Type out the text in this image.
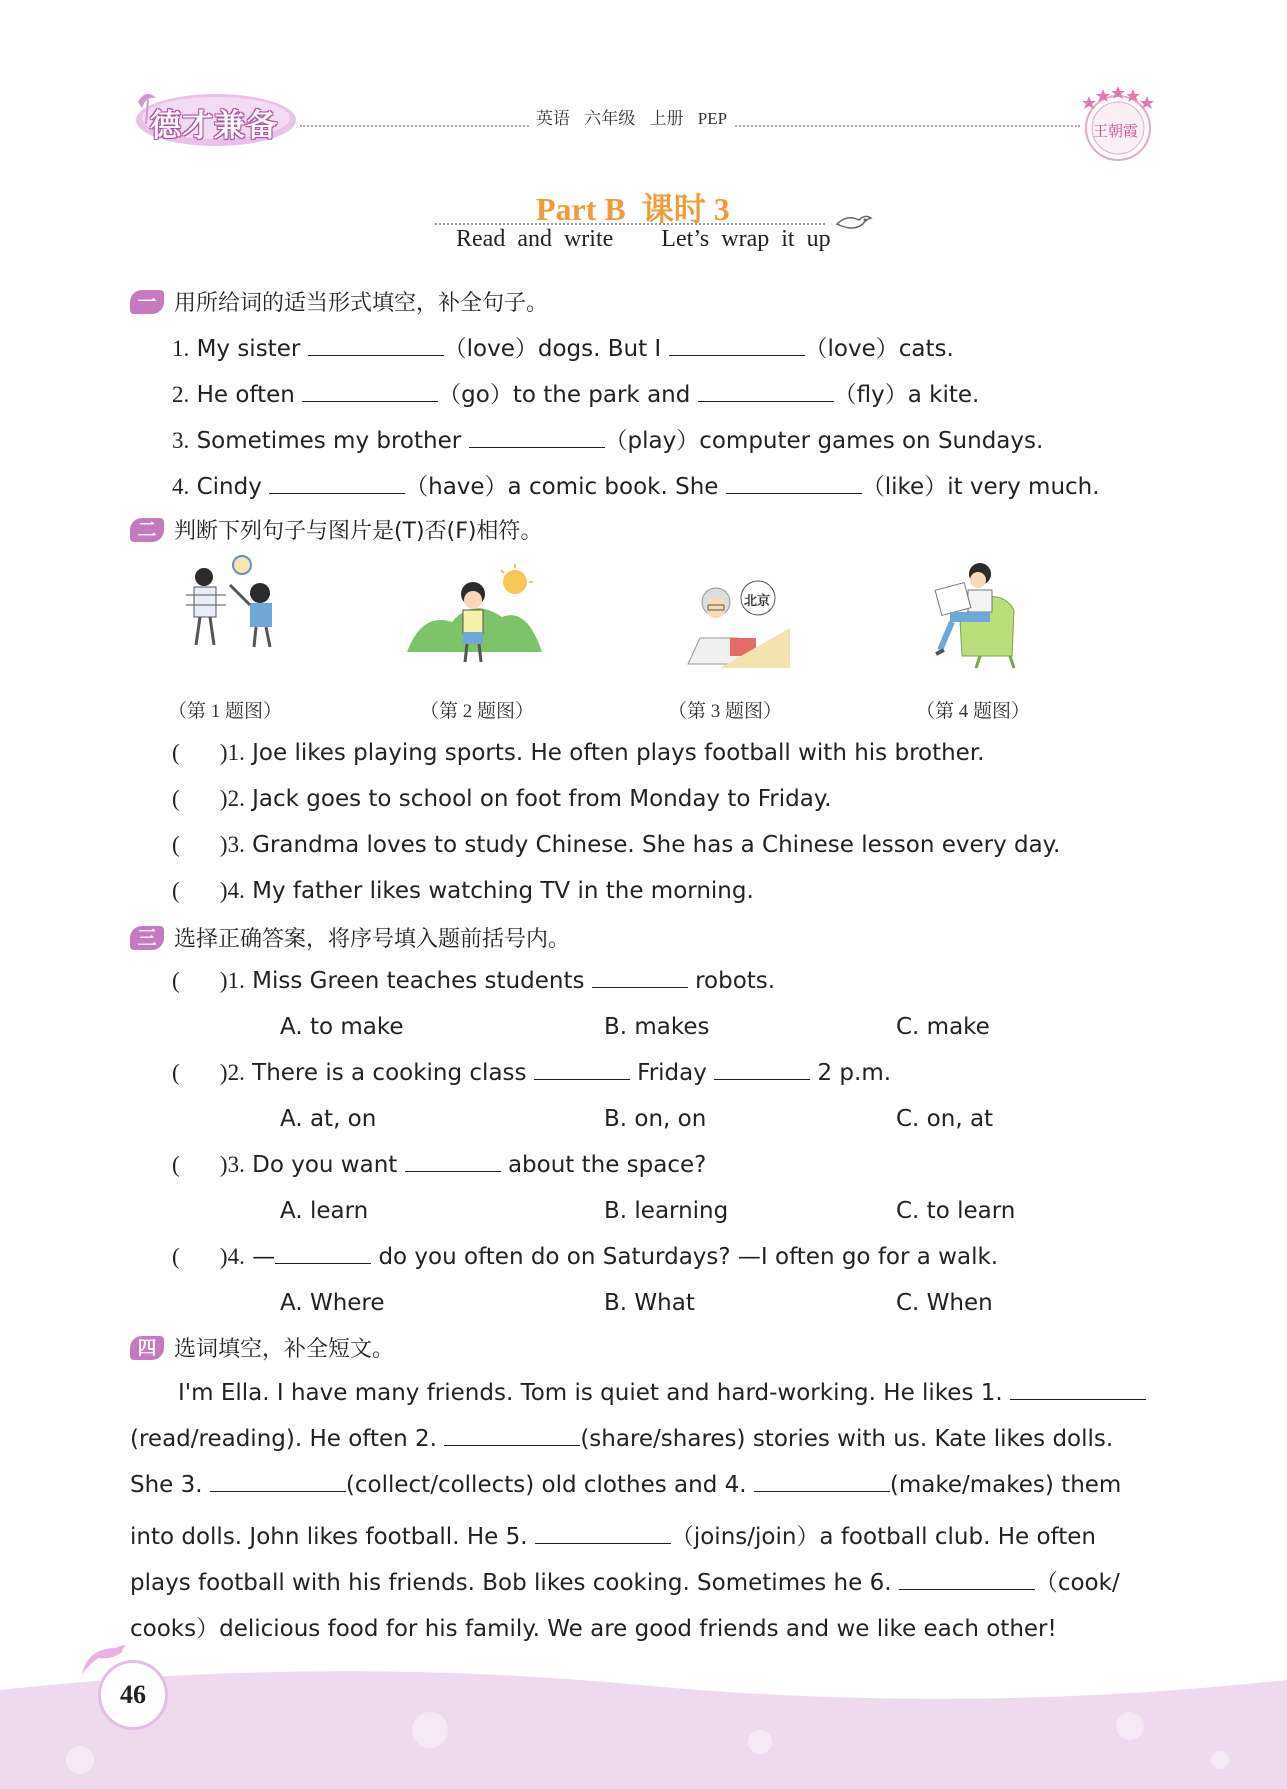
德才兼备	英语 六年级 上册 PEP
王朝霞
Part B  课时 3
Read and write    Let’s wrap it up
一 用所给词的适当形式填空，补全句子。
1. My sister	（love）dogs. But I	（love）cats.
2. He often	（go）to the park and	（fly）a kite.
3. Sometimes my brother	（play）computer games on Sundays.
4. Cindy	（have）a comic book. She	（like）it very much.
二 判断下列句子与图片是(T)否(F)相符。
北京
（第 1 题图）	（第 2 题图）	（第 3 题图）	（第 4 题图）
(       )1. Joe likes playing sports. He often plays football with his brother.
(       )2. Jack goes to school on foot from Monday to Friday.
(       )3. Grandma loves to study Chinese. She has a Chinese lesson every day.
(       )4. My father likes watching TV in the morning.
三 选择正确答案，将序号填入题前括号内。
(       )1. Miss Green teaches students	robots.
A. to make	B. makes	C. make
(       )2. There is a cooking class	Friday	2 p.m.
A. at, on	B. on, on	C. on, at
(       )3. Do you want	about the space?
A. learn	B. learning	C. to learn
(       )4. —	do you often do on Saturdays? —I often go for a walk.
A. Where	B. What	C. When
四 选词填空，补全短文。
I'm Ella. I have many friends. Tom is quiet and hard-working. He likes 1.
(read/reading). He often 2.	(share/shares) stories with us. Kate likes dolls.
She 3.	(collect/collects) old clothes and 4.	(make/makes) them
into dolls. John likes football. He 5.	（joins/join）a football club. He often
plays football with his friends. Bob likes cooking. Sometimes he 6.	（cook/
cooks）delicious food for his family. We are good friends and we like each other!
46
